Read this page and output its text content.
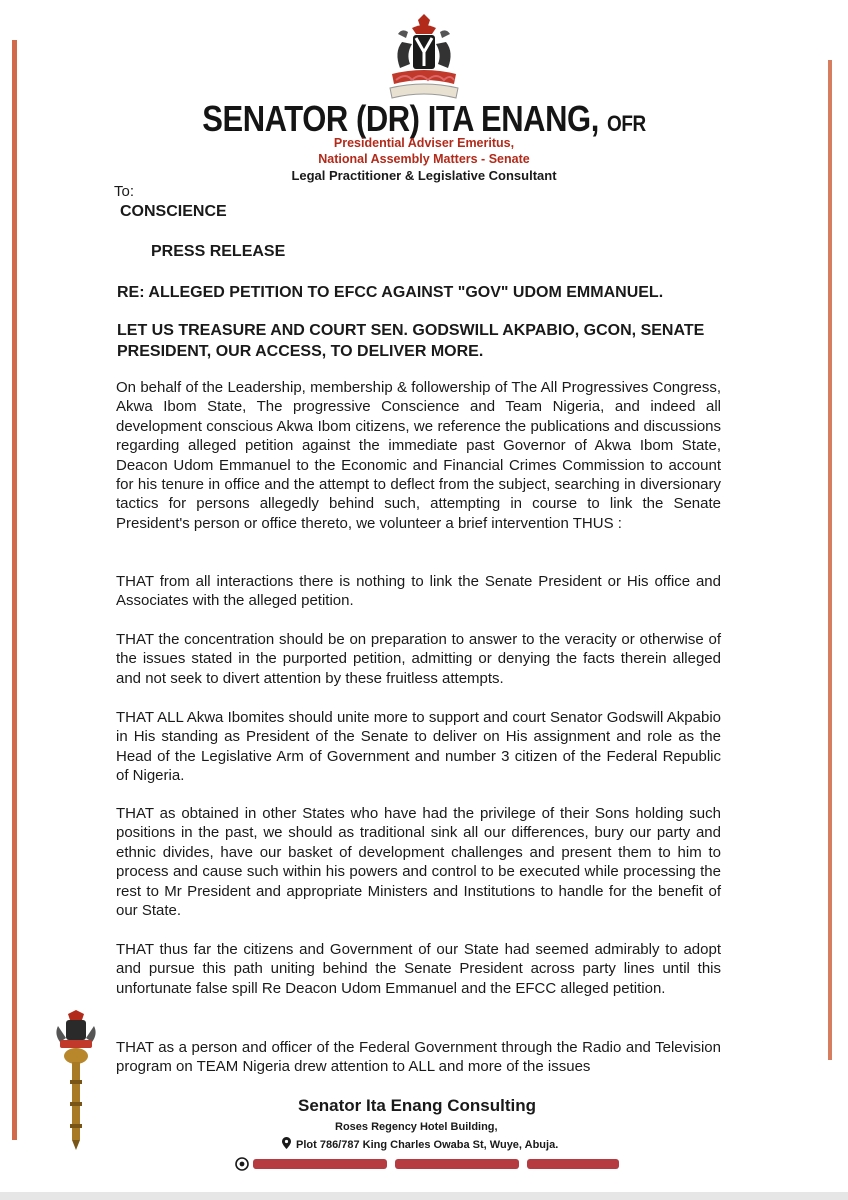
SENATOR (DR) ITA ENANG, OFR
Presidential Adviser Emeritus,
National Assembly Matters - Senate
Legal Practitioner & Legislative Consultant
To:
CONSCIENCE
PRESS RELEASE
RE: ALLEGED PETITION TO EFCC AGAINST "GOV" UDOM EMMANUEL.
LET US TREASURE AND COURT SEN. GODSWILL AKPABIO, GCON, SENATE PRESIDENT, OUR ACCESS, TO DELIVER MORE.

On behalf of the Leadership, membership & followership of The All Progressives Congress, Akwa Ibom State, The progressive Conscience and Team Nigeria, and indeed all development conscious Akwa Ibom citizens, we reference the publications and discussions regarding alleged petition against the immediate past Governor of Akwa Ibom State, Deacon Udom Emmanuel to the Economic and Financial Crimes Commission to account for his tenure in office and the attempt to deflect from the subject, searching in diversionary tactics for persons allegedly behind such, attempting in course to link the Senate President's person or office thereto, we volunteer a brief intervention THUS :

THAT from all interactions there is nothing to link the Senate President or His office and Associates with the alleged petition.

THAT the concentration should be on preparation to answer to the veracity or otherwise of the issues stated in the purported petition, admitting or denying the facts therein alleged and not seek to divert attention by these fruitless attempts.

THAT ALL Akwa Ibomites should unite more to support and court Senator Godswill Akpabio in His standing as President of the Senate to deliver on His assignment and role as the Head of the Legislative Arm of Government and number 3 citizen of the Federal Republic of Nigeria.

THAT as obtained in other States who have had the privilege of their Sons holding such positions in the past, we should as traditional sink all our differences, bury our party and ethnic divides, have our basket of development challenges and present them to him to process and cause such within his powers and control to be executed while processing the rest to Mr President and appropriate Ministers and Institutions to handle for the benefit of our State.

THAT thus far the citizens and Government of our State had seemed admirably to adopt and pursue this path uniting behind the Senate President across party lines until this unfortunate false spill Re Deacon Udom Emmanuel and the EFCC alleged petition.

THAT as a person and officer of the Federal Government through the Radio and Television program on TEAM Nigeria drew attention to ALL and more of the issues

Senator Ita Enang Consulting
Roses Regency Hotel Building,
Plot 786/787 King Charles Owaba St, Wuye, Abuja.
